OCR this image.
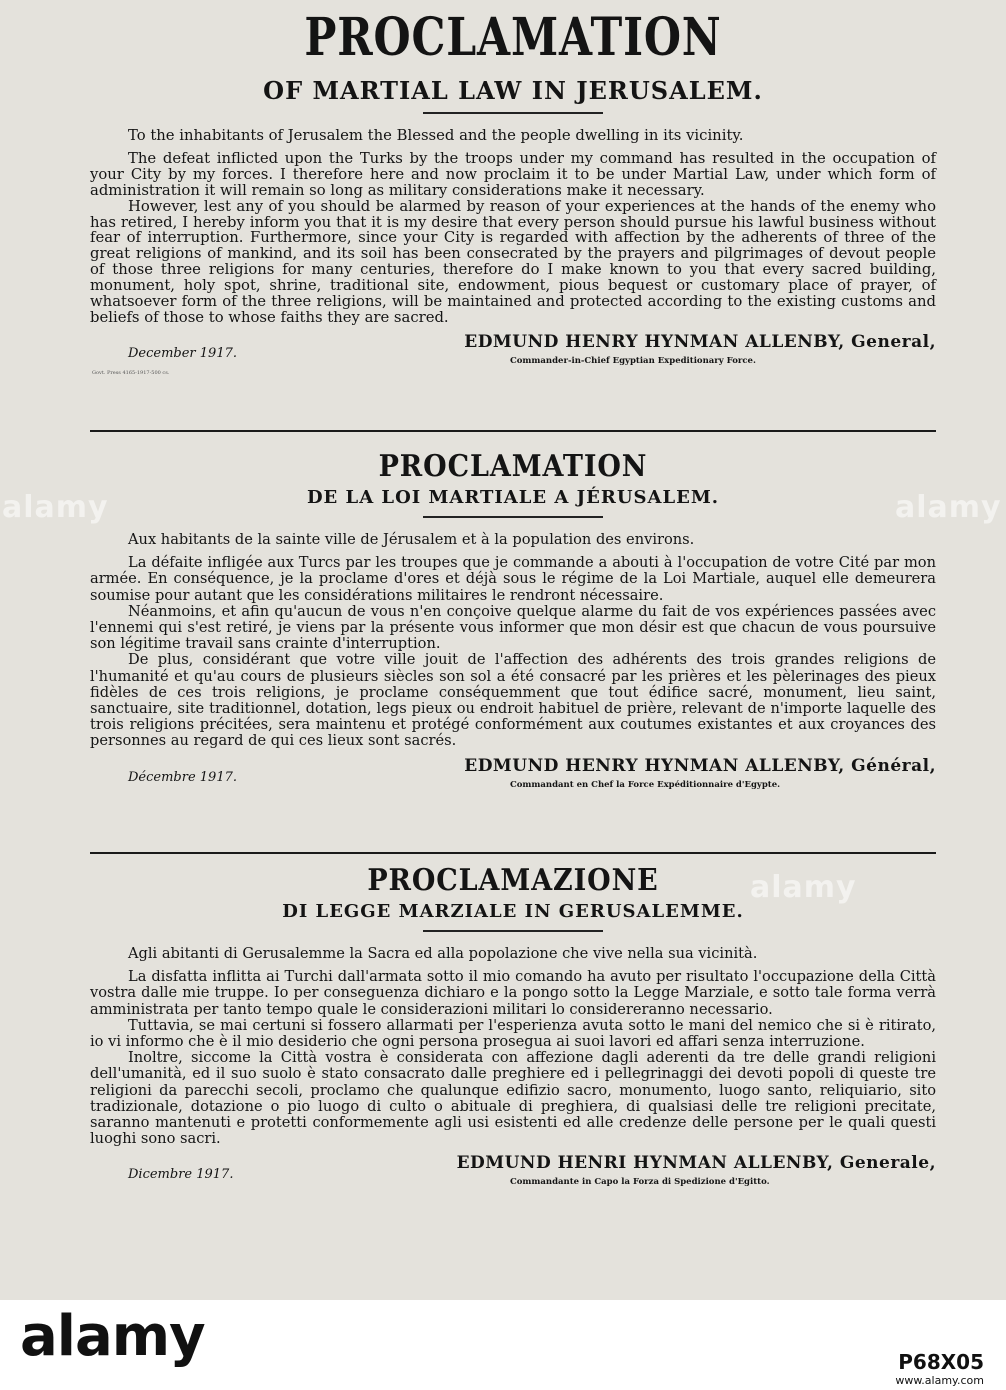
PROCLAMATION
OF MARTIAL LAW IN JERUSALEM.

To the inhabitants of Jerusalem the Blessed and the people dwelling in its vicinity.

The defeat inflicted upon the Turks by the troops under my command has resulted in the occupation of your City by my forces. I therefore here and now proclaim it to be under Martial Law, under which form of administration it will remain so long as military considerations make it necessary.

However, lest any of you should be alarmed by reason of your experiences at the hands of the enemy who has retired, I hereby inform you that it is my desire that every person should pursue his lawful business without fear of interruption. Furthermore, since your City is regarded with affection by the adherents of three of the great religions of mankind, and its soil has been consecrated by the prayers and pilgrimages of devout people of those three religions for many centuries, therefore do I make known to you that every sacred building, monument, holy spot, shrine, traditional site, endowment, pious bequest or customary place of prayer, of whatsoever form of the three religions, will be maintained and protected according to the existing customs and beliefs of those to whose faiths they are sacred.

December 1917.
EDMUND HENRY HYNMAN ALLENBY, General,
Commander-in-Chief Egyptian Expeditionary Force.
Govt. Press 4165-1917-500 cs.
PROCLAMATION
DE LA LOI MARTIALE A JÉRUSALEM.

Aux habitants de la sainte ville de Jérusalem et à la population des environs.

La défaite infligée aux Turcs par les troupes que je commande a abouti à l'occupation de votre Cité par mon armée. En conséquence, je la proclame d'ores et déjà sous le régime de la Loi Martiale, auquel elle demeurera soumise pour autant que les considérations militaires le rendront nécessaire.

Néanmoins, et afin qu'aucun de vous n'en conçoive quelque alarme du fait de vos expériences passées avec l'ennemi qui s'est retiré, je viens par la présente vous informer que mon désir est que chacun de vous poursuive son légitime travail sans crainte d'interruption.

De plus, considérant que votre ville jouit de l'affection des adhérents des trois grandes religions de l'humanité et qu'au cours de plusieurs siècles son sol a été consacré par les prières et les pèlerinages des pieux fidèles de ces trois religions, je proclame conséquemment que tout édifice sacré, monument, lieu saint, sanctuaire, site traditionnel, dotation, legs pieux ou endroit habituel de prière, relevant de n'importe laquelle des trois religions précitées, sera maintenu et protégé conformément aux coutumes existantes et aux croyances des personnes au regard de qui ces lieux sont sacrés.

Décembre 1917.
EDMUND HENRY HYNMAN ALLENBY, Général,
Commandant en Chef la Force Expéditionnaire d'Egypte.
PROCLAMAZIONE
DI LEGGE MARZIALE IN GERUSALEMME.

Agli abitanti di Gerusalemme la Sacra ed alla popolazione che vive nella sua vicinità.

La disfatta inflitta ai Turchi dall'armata sotto il mio comando ha avuto per risultato l'occupazione della Città vostra dalle mie truppe. Io per conseguenza dichiaro e la pongo sotto la Legge Marziale, e sotto tale forma verrà amministrata per tanto tempo quale le considerazioni militari lo considereranno necessario.

Tuttavia, se mai certuni si fossero allarmati per l'esperienza avuta sotto le mani del nemico che si è ritirato, io vi informo che è il mio desiderio che ogni persona prosegua ai suoi lavori ed affari senza interruzione.

Inoltre, siccome la Città vostra è considerata con affezione dagli aderenti da tre delle grandi religioni dell'umanità, ed il suo suolo è stato consacrato dalle preghiere ed i pellegrinaggi dei devoti popoli di queste tre religioni da parecchi secoli, proclamo che qualunque edifizio sacro, monumento, luogo santo, reliquiario, sito tradizionale, dotazione o pio luogo di culto o abituale di preghiera, di qualsiasi delle tre religioni precitate, saranno mantenuti e protetti conformemente agli usi esistenti ed alle credenze delle persone per le quali questi luoghi sono sacri.

Dicembre 1917.
EDMUND HENRI HYNMAN ALLENBY, Generale,
Commandante in Capo la Forza di Spedizione d'Egitto.
alamy	alamy
alamy
alamy	P68X05
www.alamy.com
